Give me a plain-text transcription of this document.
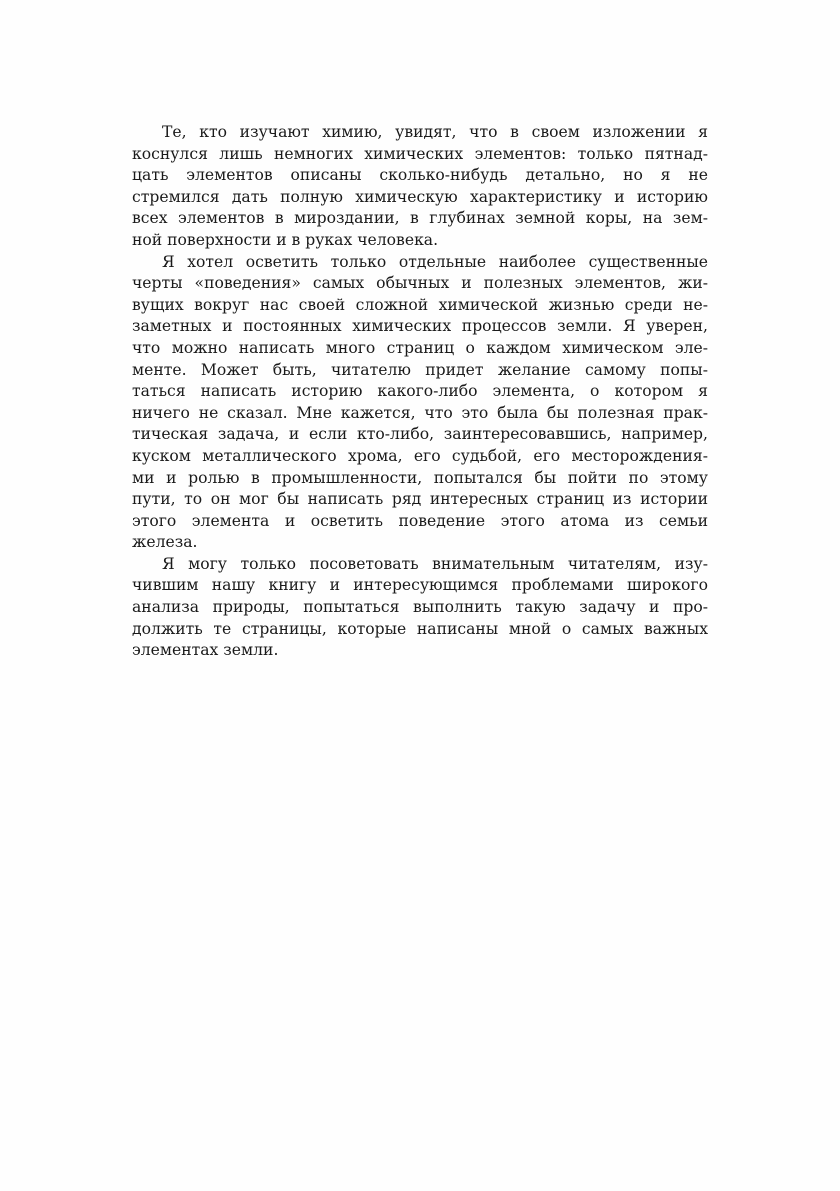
Те, кто изучают химию, увидят, что в своем изложении я
коснулся лишь немногих химических элементов: только пятнад-
цать элементов описаны сколько-нибудь детально, но я не
стремился дать полную химическую характеристику и историю
всех элементов в мироздании, в глубинах земной коры, на зем-
ной поверхности и в руках человека.

Я хотел осветить только отдельные наиболее существенные
черты «поведения» самых обычных и полезных элементов, жи-
вущих вокруг нас своей сложной химической жизнью среди не-
заметных и постоянных химических процессов земли. Я уверен,
что можно написать много страниц о каждом химическом эле-
менте. Может быть, читателю придет желание самому попы-
таться написать историю какого-либо элемента, о котором я
ничего не сказал. Мне кажется, что это была бы полезная прак-
тическая задача, и если кто-либо, заинтересовавшись, например,
куском металлического хрома, его судьбой, его месторождения-
ми и ролью в промышленности, попытался бы пойти по этому
пути, то он мог бы написать ряд интересных страниц из истории
этого элемента и осветить поведение этого атома из семьи
железа.

Я могу только посоветовать внимательным читателям, изу-
чившим нашу книгу и интересующимся проблемами широкого
анализа природы, попытаться выполнить такую задачу и про-
должить те страницы, которые написаны мной о самых важных
элементах земли.
